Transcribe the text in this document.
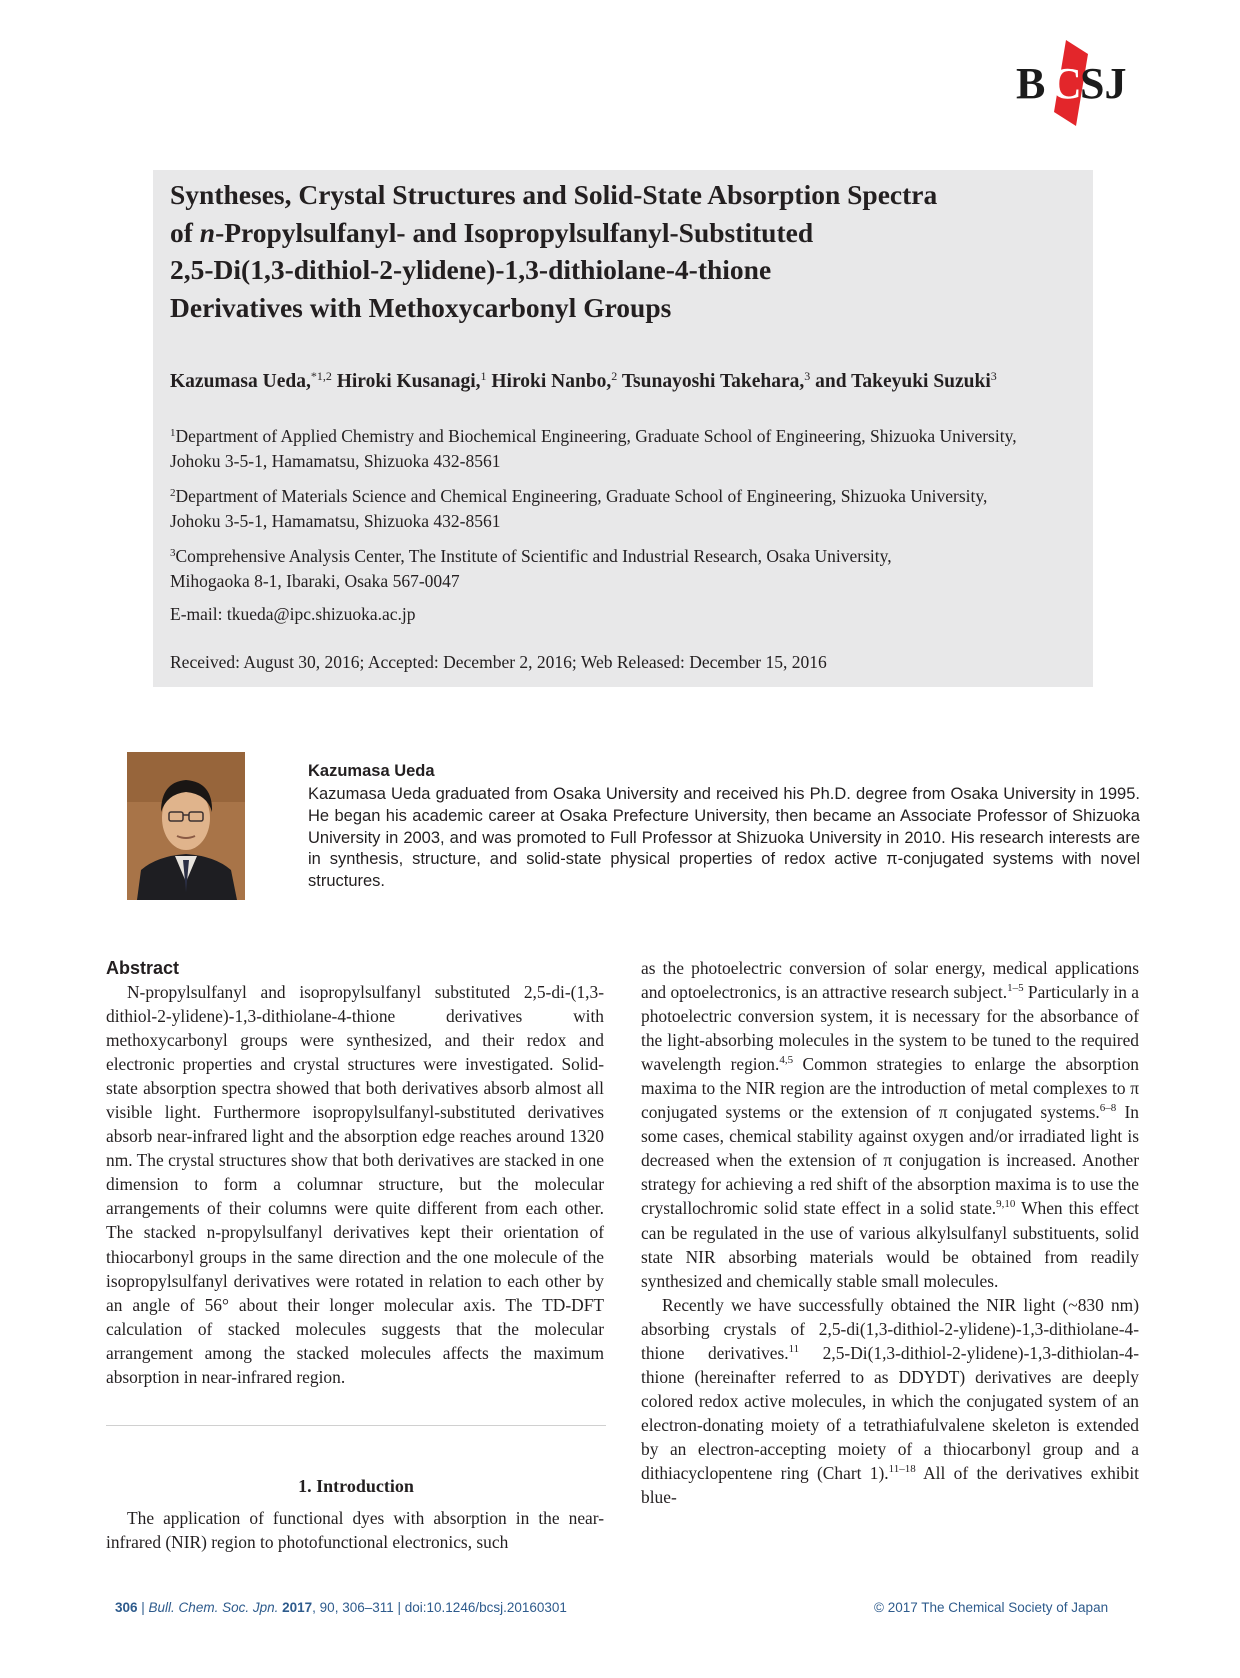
B C
SJ
Syntheses, Crystal Structures and Solid-State Absorption Spectra
of n-Propylsulfanyl- and Isopropylsulfanyl-Substituted
2,5-Di(1,3-dithiol-2-ylidene)-1,3-dithiolane-4-thione
Derivatives with Methoxycarbonyl Groups
Kazumasa Ueda,$^{*1,2}$ Hiroki Kusanagi,$^1$ Hiroki Nanbo,$^2$ Tsunayoshi Takehara,$^3$ and Takeyuki Suzuki$^3$
$^1$Department of Applied Chemistry and Biochemical Engineering, Graduate School of Engineering, Shizuoka University,
Johoku 3-5-1, Hamamatsu, Shizuoka 432-8561
$^2$Department of Materials Science and Chemical Engineering, Graduate School of Engineering, Shizuoka University,
Johoku 3-5-1, Hamamatsu, Shizuoka 432-8561
$^3$Comprehensive Analysis Center, The Institute of Scientific and Industrial Research, Osaka University,
Mihogaoka 8-1, Ibaraki, Osaka 567-0047
E-mail: tkueda@ipc.shizuoka.ac.jp
Received: August 30, 2016; Accepted: December 2, 2016; Web Released: December 15, 2016
Kazumasa Ueda

Kazumasa Ueda graduated from Osaka University and received his Ph.D. degree from Osaka University in 1995. He began his academic career at Osaka Prefecture University, then became an Associate Professor of Shizuoka University in 2003, and was promoted to Full Professor at Shizuoka University in 2010. His research interests are in synthesis, structure, and solid-state physical properties of redox active π-conjugated systems with novel structures.

Abstract

N-propylsulfanyl and isopropylsulfanyl substituted 2,5-di-(1,3-dithiol-2-ylidene)-1,3-dithiolane-4-thione derivatives with methoxycarbonyl groups were synthesized, and their redox and electronic properties and crystal structures were investigated. Solid-state absorption spectra showed that both derivatives absorb almost all visible light. Furthermore isopropylsulfanyl-substituted derivatives absorb near-infrared light and the absorption edge reaches around 1320 nm. The crystal structures show that both derivatives are stacked in one dimension to form a columnar structure, but the molecular arrangements of their columns were quite different from each other. The stacked n-propylsulfanyl derivatives kept their orientation of thiocarbonyl groups in the same direction and the one molecule of the isopropylsulfanyl derivatives were rotated in relation to each other by an angle of 56° about their longer molecular axis. The TD-DFT calculation of stacked molecules suggests that the molecular arrangement among the stacked molecules affects the maximum absorption in near-infrared region.

1. Introduction

The application of functional dyes with absorption in the near-infrared (NIR) region to photofunctional electronics, such

as the photoelectric conversion of solar energy, medical applications and optoelectronics, is an attractive research subject.$^{1-5}$ Particularly in a photoelectric conversion system, it is necessary for the absorbance of the light-absorbing molecules in the system to be tuned to the required wavelength region.$^{4,5}$ Common strategies to enlarge the absorption maxima to the NIR region are the introduction of metal complexes to π conjugated systems or the extension of π conjugated systems.$^{6-8}$ In some cases, chemical stability against oxygen and/or irradiated light is decreased when the extension of π conjugation is increased. Another strategy for achieving a red shift of the absorption maxima is to use the crystallochromic solid state effect in a solid state.$^{9,10}$ When this effect can be regulated in the use of various alkylsulfanyl substituents, solid state NIR absorbing materials would be obtained from readily synthesized and chemically stable small molecules.

Recently we have successfully obtained the NIR light (~830 nm) absorbing crystals of 2,5-di(1,3-dithiol-2-ylidene)-1,3-dithiolane-4-thione derivatives.$^{11}$ 2,5-Di(1,3-dithiol-2-ylidene)-1,3-dithiolan-4-thione (hereinafter referred to as DDYDT) derivatives are deeply colored redox active molecules, in which the conjugated system of an electron-donating moiety of a tetrathiafulvalene skeleton is extended by an electron-accepting moiety of a thiocarbonyl group and a dithiacyclopentene ring (Chart 1).$^{11-18}$ All of the derivatives exhibit blue-

306 | Bull. Chem. Soc. Jpn. 2017, 90, 306–311 | doi:10.1246/bcsj.20160301	© 2017 The Chemical Society of Japan
